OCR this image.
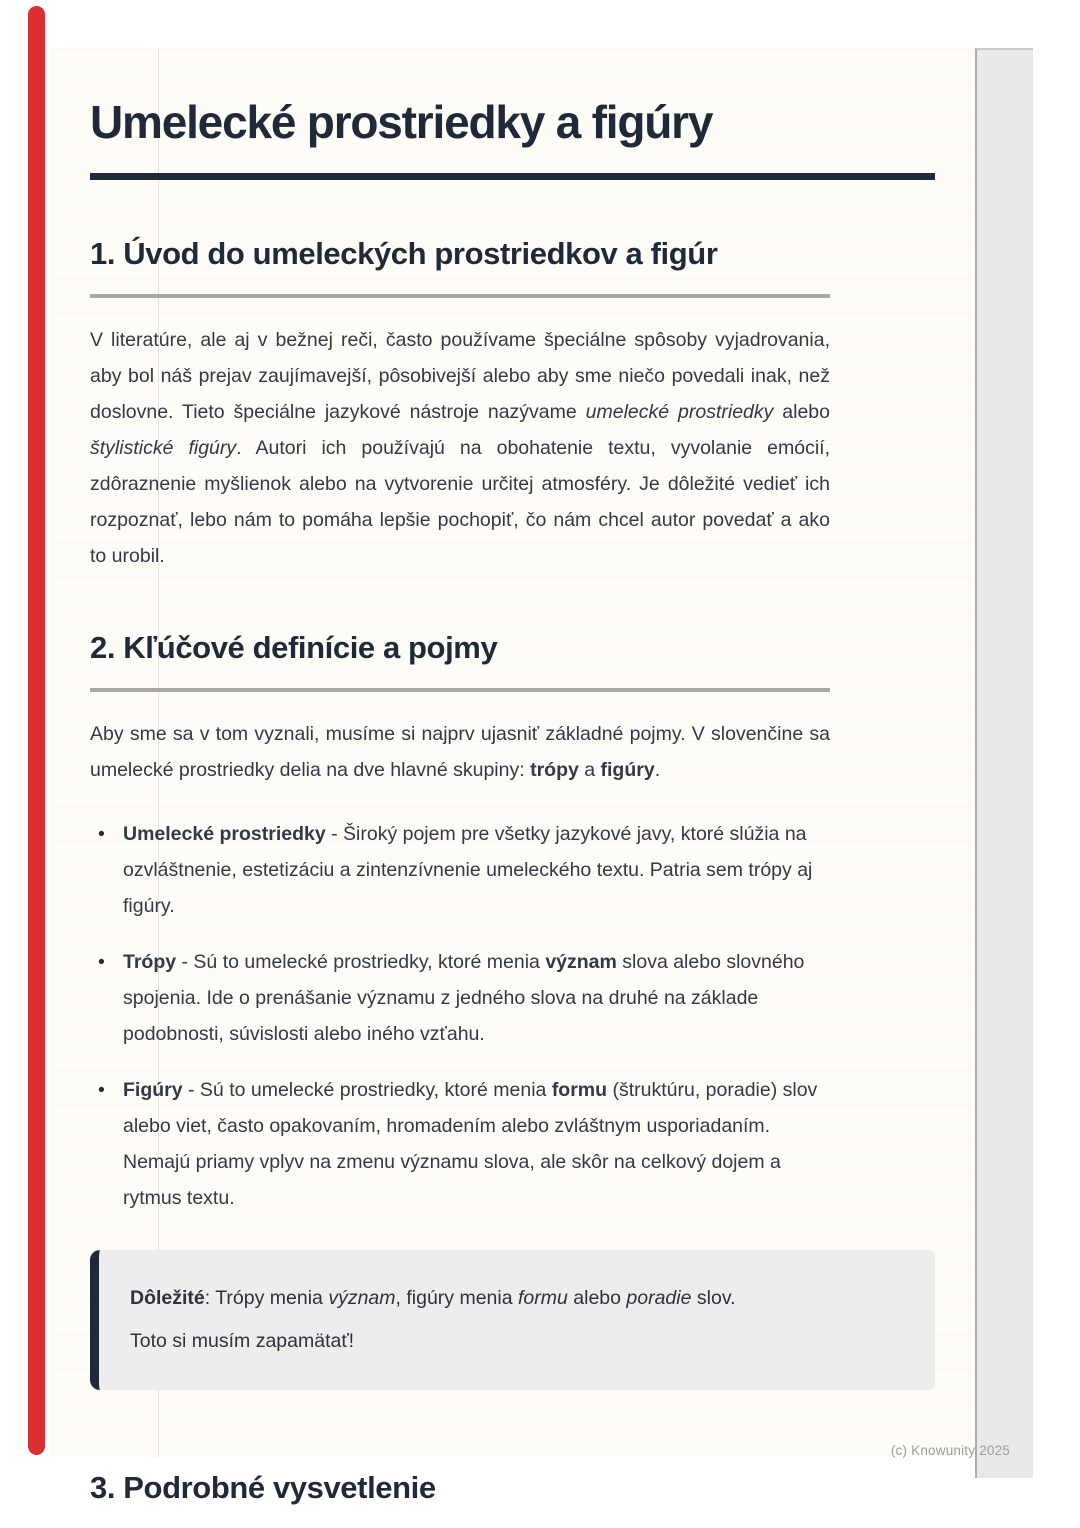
Umelecké prostriedky a figúry
1. Úvod do umeleckých prostriedkov a figúr

V literatúre, ale aj v bežnej reči, často používame špeciálne spôsoby vyjadrovania, aby bol náš prejav zaujímavejší, pôsobivejší alebo aby sme niečo povedali inak, než doslovne. Tieto špeciálne jazykové nástroje nazývame umelecké prostriedky alebo štylistické figúry. Autori ich používajú na obohatenie textu, vyvolanie emócií, zdôraznenie myšlienok alebo na vytvorenie určitej atmosféry. Je dôležité vedieť ich rozpoznať, lebo nám to pomáha lepšie pochopiť, čo nám chcel autor povedať a ako to urobil.

2. Kľúčové definície a pojmy

Aby sme sa v tom vyznali, musíme si najprv ujasniť základné pojmy. V slovenčine sa umelecké prostriedky delia na dve hlavné skupiny: trópy a figúry.

• Umelecké prostriedky - Široký pojem pre všetky jazykové javy, ktoré slúžia na ozvláštnenie, estetizáciu a zintenzívnenie umeleckého textu. Patria sem trópy aj figúry.
• Trópy - Sú to umelecké prostriedky, ktoré menia význam slova alebo slovného spojenia. Ide o prenášanie významu z jedného slova na druhé na základe podobnosti, súvislosti alebo iného vzťahu.
• Figúry - Sú to umelecké prostriedky, ktoré menia formu (štruktúru, poradie) slov alebo viet, často opakovaním, hromadením alebo zvláštnym usporiadaním. Nemajú priamy vplyv na zmenu významu slova, ale skôr na celkový dojem a rytmus textu.
Dôležité: Trópy menia význam, figúry menia formu alebo poradie slov.
Toto si musím zapamätať!
3. Podrobné vysvetlenie
(c) Knowunity 2025
